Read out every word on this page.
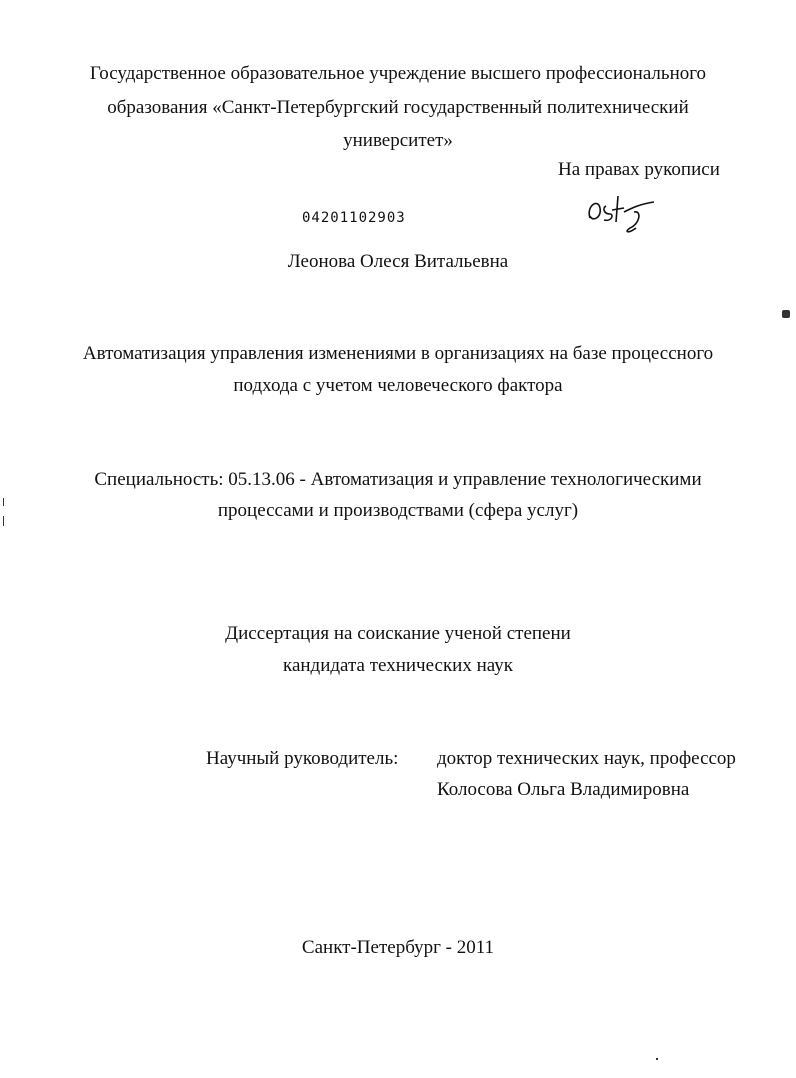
Государственное образовательное учреждение высшего профессионального
образования «Санкт-Петербургский государственный политехнический
университет»
На правах рукописи
04201102903
Леонова Олеся Витальевна
Автоматизация управления изменениями в организациях на базе процессного
подхода с учетом человеческого фактора
Специальность: 05.13.06 - Автоматизация и управление технологическими
процессами и производствами (сфера услуг)
Диссертация на соискание ученой степени
кандидата технических наук
Научный руководитель: доктор технических наук, профессор
Колосова Ольга Владимировна
Санкт-Петербург - 2011
